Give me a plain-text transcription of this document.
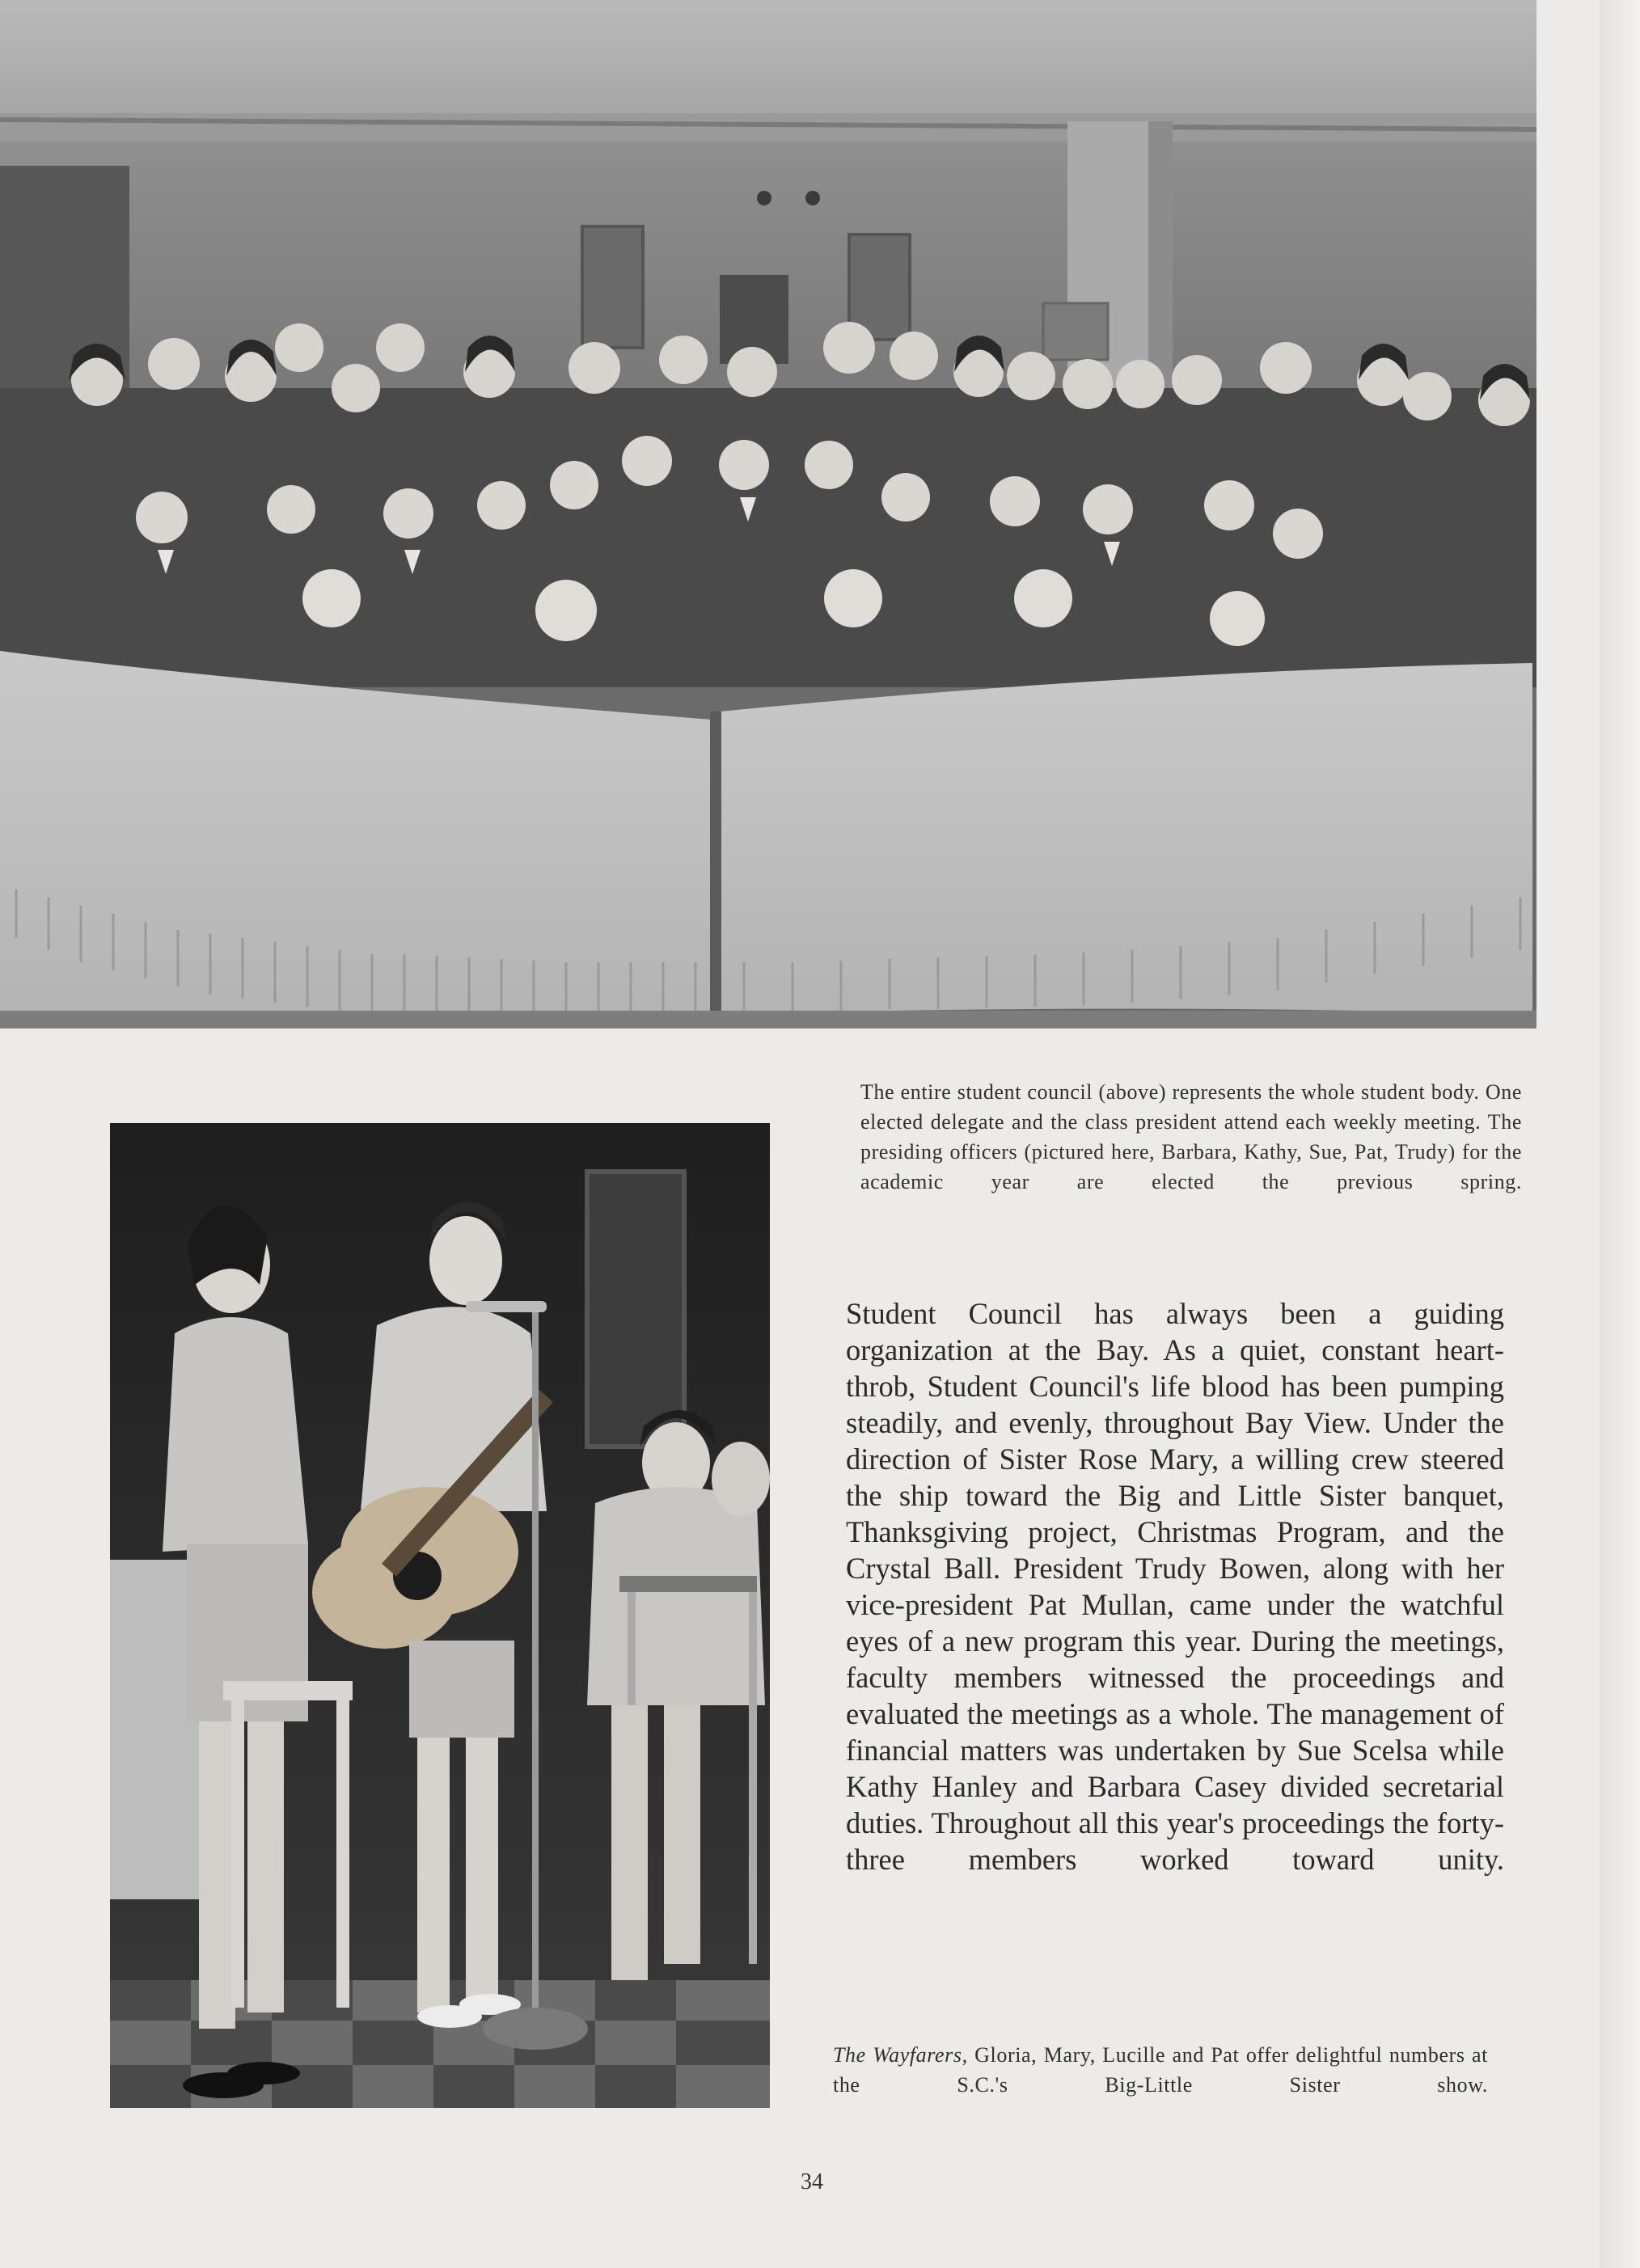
The entire student council (above) represents the whole student body. One elected delegate and the class president attend each weekly meeting. The presiding officers (pictured here, Barbara, Kathy, Sue, Pat, Trudy) for the academic year are elected the previous spring.
Student Council has always been a guiding organization at the Bay. As a quiet, constant heart-throb, Student Council's life blood has been pumping steadily, and evenly, throughout Bay View. Under the direction of Sister Rose Mary, a willing crew steered the ship toward the Big and Little Sister banquet, Thanksgiving project, Christmas Program, and the Crystal Ball. President Trudy Bowen, along with her vice-president Pat Mullan, came under the watchful eyes of a new program this year. During the meetings, faculty members witnessed the proceedings and evaluated the meetings as a whole. The management of financial matters was undertaken by Sue Scelsa while Kathy Hanley and Barbara Casey divided secretarial duties. Throughout all this year's proceedings the forty-three members worked toward unity.
The Wayfarers, Gloria, Mary, Lucille and Pat offer delightful numbers at the S.C.'s Big-Little Sister show.
34
